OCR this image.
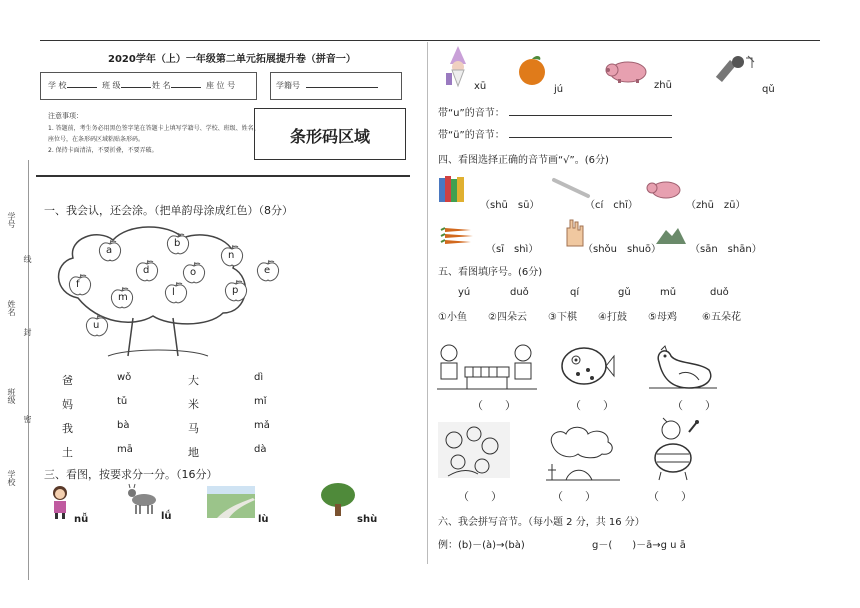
学号
线
姓名
封
班级
密
学校
2020学年（上）一年级第二单元拓展提升卷（拼音一）
学 校	班 级	姓 名	座 位 号	学籍号
注意事项：
1. 答题前，考生务必用黑色签字笔在答题卡上填写学籍号、学校、班级、姓名、
座位号，在条形码区域粘贴条形码。
2. 保持卡面清洁，不要折叠，不要弄破。
条形码区域
一、我会认，还会涂。（把单韵母涂成红色）（8分）
a
b
n
d	o	e
f
m
p
l
u
爸	wǒ	大	dì
妈	tǔ	米	mǐ
我	bà	马	mǎ
土	mā	地	dà
三、看图，按要求分一分。（16分）
nǚ	lǘ	lù	shù
xū	jú	zhū	qǔ
带“u”的音节：
带“ü”的音节：
四、看图选择正确的音节画“√”。(6分)
（shū　sū）	（cí　chī）	（zhū　zū）
（sī　shì）	（shǒu　shuō）	（sān　shān）
五、看图填序号。(6分)
yú	duǒ	qí	gǔ	mǔ	duǒ
①小鱼 ②四朵云 ③下棋 ④打鼓 ⑤母鸡	⑥五朵花
（　　）	（　　）	（　　）
（　　）	（　　）	（　　）
六、我会拼写音节。（每小题 2 分，共 16 分）
例：(b)－(à)→(bà)	g－(　　)－ā→g u ā
